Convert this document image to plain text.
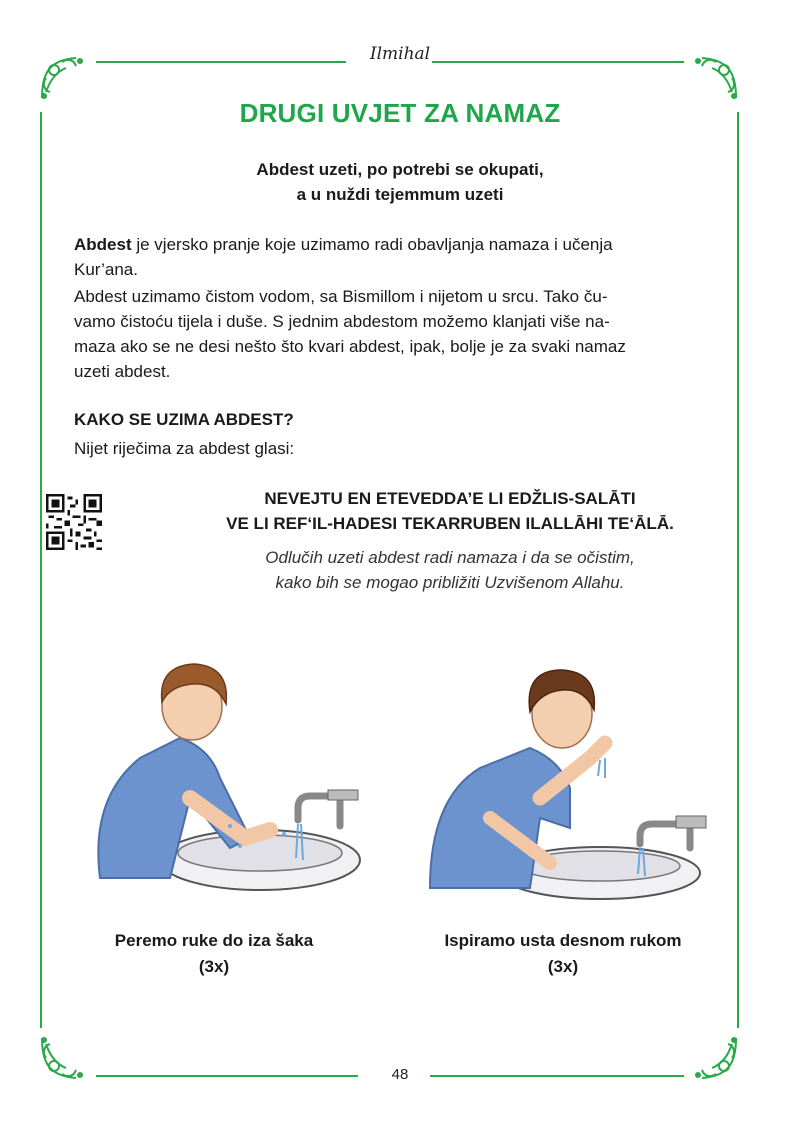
Ilmihal
DRUGI UVJET ZA NAMAZ
Abdest uzeti, po potrebi se okupati,
a u nuždi tejemmum uzeti
Abdest je vjersko pranje koje uzimamo radi obavljanja namaza i učenja
Kur’ana.
Abdest uzimamo čistom vodom, sa Bismillom i nijetom u srcu. Tako ču-
vamo čistoću tijela i duše. S jednim abdestom možemo klanjati više na-
maza ako se ne desi nešto što kvari abdest, ipak, bolje je za svaki namaz
uzeti abdest.
KAKO SE UZIMA ABDEST?
Nijet riječima za abdest glasi:
NEVEJTU EN ETEVEDDA’E LI EDŽLIS-SALĀTI
VE LI REF‘IL-HADESI TEKARRUBEN ILALLĀHI TE‘ĀLĀ.
Odlučih uzeti abdest radi namaza i da se očistim,
kako bih se mogao približiti Uzvišenom Allahu.
Peremo ruke do iza šaka
(3x)
Ispiramo usta desnom rukom
(3x)
48
